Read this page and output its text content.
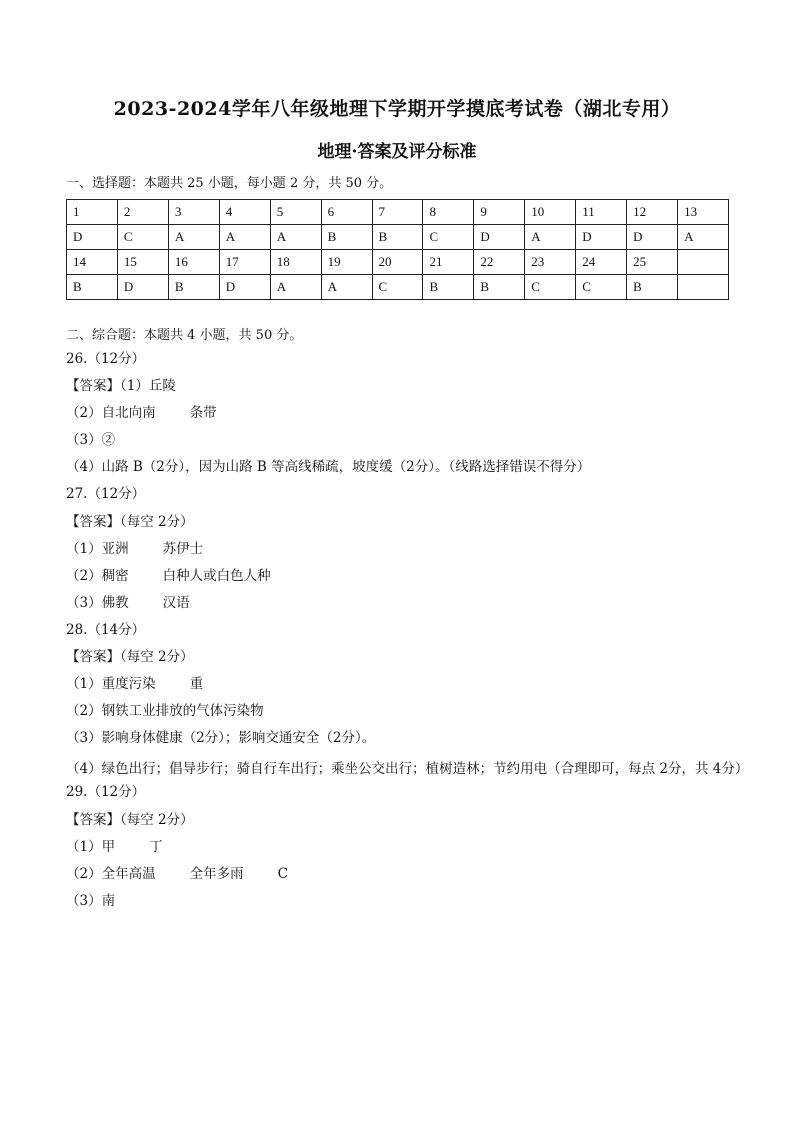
2023-2024学年八年级地理下学期开学摸底考试卷（湖北专用）
地理·答案及评分标准
一、选择题：本题共 25 小题，每小题 2 分，共 50 分。
1	2	3	4	5	6	7	8	9	10	11	12	13
D	C	A	A	A	B	B	C	D	A	D	D	A
14	15	16	17	18	19	20	21	22	23	24	25	
B	D	B	D	A	A	C	B	B	C	C	B	
二、综合题：本题共 4 小题，共 50 分。
26.（12分）
【答案】（1）丘陵
（2）自北向南	条带
（3）②
（4）山路 B（2分），因为山路 B 等高线稀疏，坡度缓（2分）。（线路选择错误不得分）
27.（12分）
【答案】（每空 2分）
（1）亚洲	苏伊士
（2）稠密	白种人或白色人种
（3）佛教	汉语
28.（14分）
【答案】（每空 2分）
（1）重度污染	重
（2）钢铁工业排放的气体污染物
（3）影响身体健康（2分）；影响交通安全（2分）。
（4）绿色出行；倡导步行；骑自行车出行；乘坐公交出行；植树造林；节约用电（合理即可，每点 2分，共 4分）
29.（12分）
【答案】（每空 2分）
（1）甲	丁
（2）全年高温	全年多雨	C
（3）南
